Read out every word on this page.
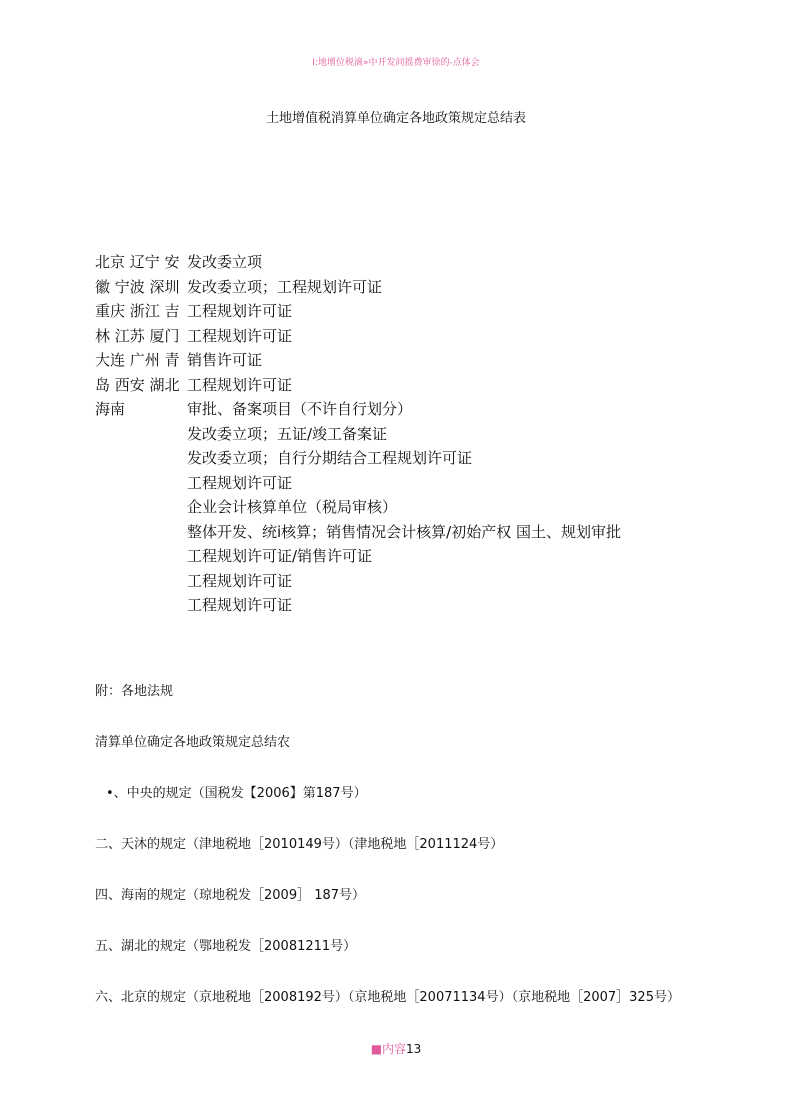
I:地增位税滴»中开发间摇费审徐的-点体会
土地增值税消算单位确定各地政策规定总结表
北京 辽宁 安
徽 宁波 深圳
重庆 浙江 吉
林 江苏 厦门
大连 广州 青
岛 西安 湖北
海南
发改委立项
发改委立项；工程规划许可证
工程规划许可证
工程规划许可证
销售许可证
工程规划许可证
审批、备案项目（不许自行划分）
发改委立项；五证/竣工备案证
发改委立项；自行分期结合工程规划许可证
工程规划许可证
企业会计核算单位（税局审核）
整体开发、统i核算；销售情况会计核算/初始产权 国土、规划审批
工程规划许可证/销售许可证
工程规划许可证
工程规划许可证
附：各地法规
清算单位确定各地政策规定总结农
•、中央的规定（国税发【2006】第187号）
二、天沐的规定（津地税地［2010149号）（津地税地［2011124号）
四、海南的规定（琼地税发［2009］ 187号）
五、湖北的规定（鄂地税发［20081211号）
六、北京的规定（京地税地［2008192号）（京地税地［20071134号）（京地税地［2007］325号）
■内容13
